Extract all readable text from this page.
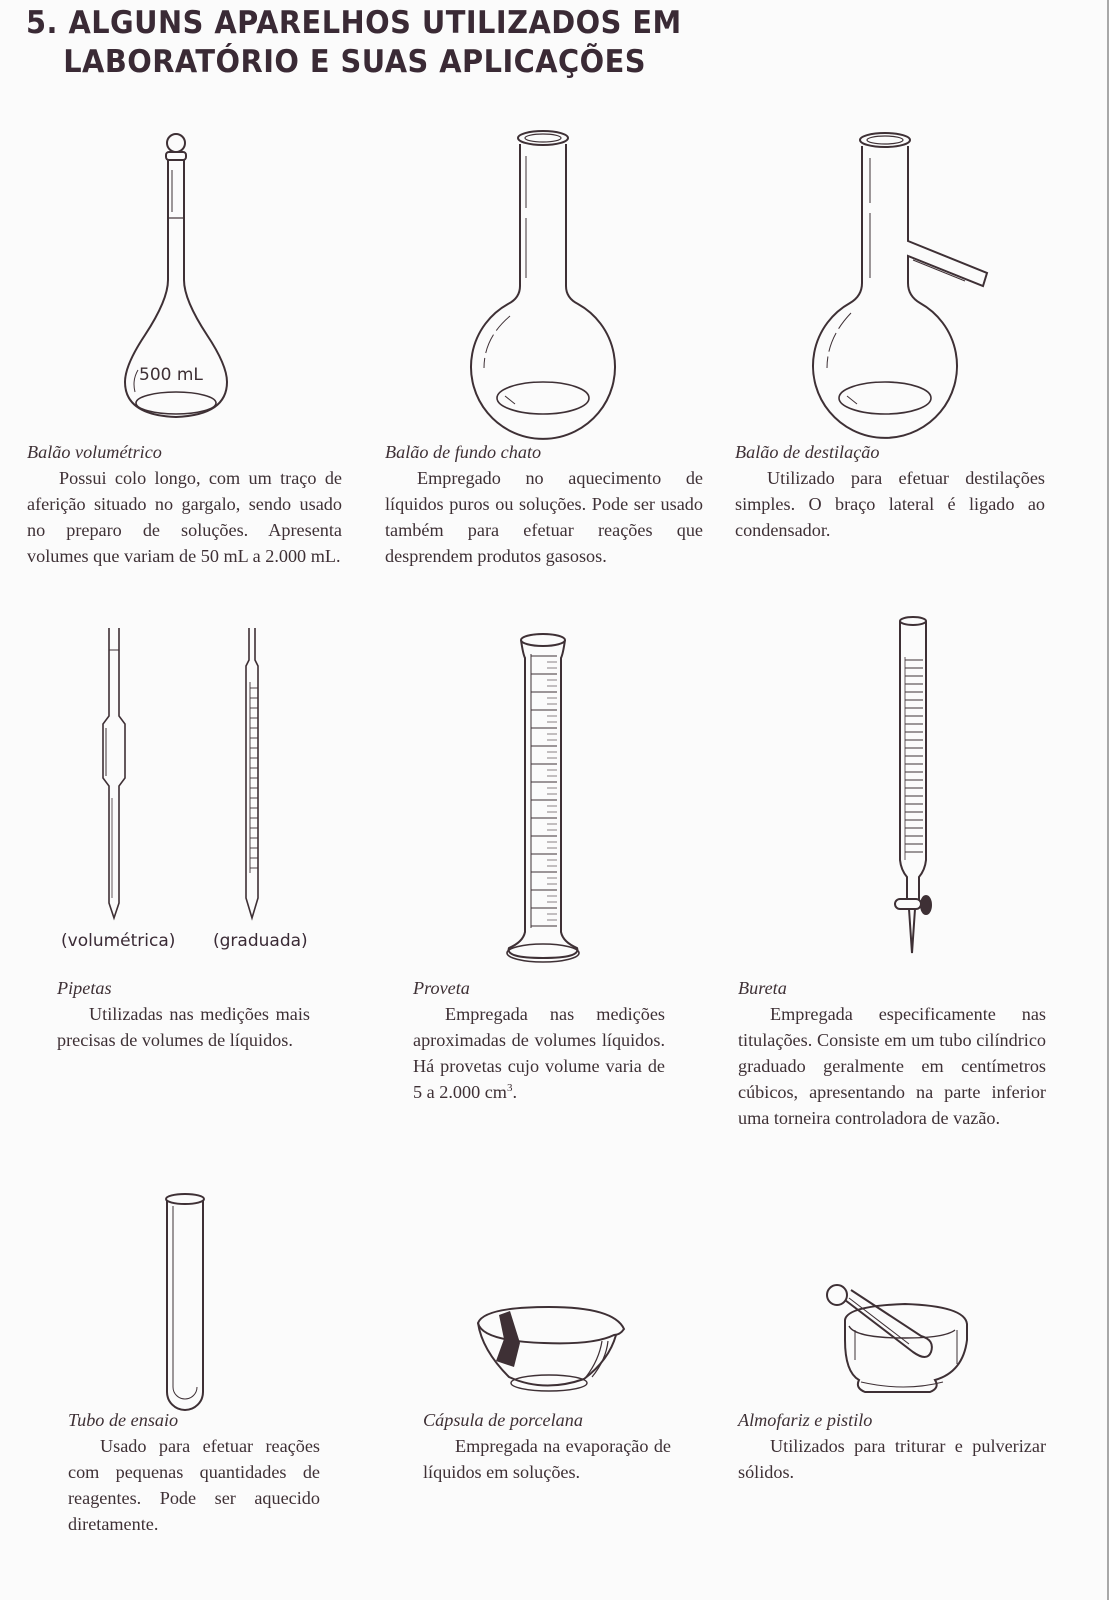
5. ALGUNS APARELHOS UTILIZADOS EM
LABORATÓRIO E SUAS APLICAÇÕES
500 mL
Balão volumétrico
Possui colo longo, com um traço de aferição situado no gargalo, sendo usado no preparo de soluções. Apresenta volumes que variam de 50 mL a 2.000 mL.
Balão de fundo chato
Empregado no aquecimento de líquidos puros ou soluções. Pode ser usado também para efetuar reações que desprendem produtos gasosos.
Balão de destilação
Utilizado para efetuar destilações simples. O braço lateral é ligado ao condensador.
(volumétrica) (graduada)
Pipetas
Utilizadas nas medições mais precisas de volumes de líquidos.
Proveta
Empregada nas medições aproximadas de volumes líquidos. Há provetas cujo volume varia de 5 a 2.000 $cm^3$.
Bureta
Empregada especificamente nas titulações. Consiste em um tubo cilíndrico graduado geralmente em centímetros cúbicos, apresentando na parte inferior uma torneira controladora de vazão.
Tubo de ensaio
Usado para efetuar reações com pequenas quantidades de reagentes. Pode ser aquecido diretamente.
Cápsula de porcelana
Empregada na evaporação de líquidos em soluções.
Almofariz e pistilo
Utilizados para triturar e pulverizar sólidos.
